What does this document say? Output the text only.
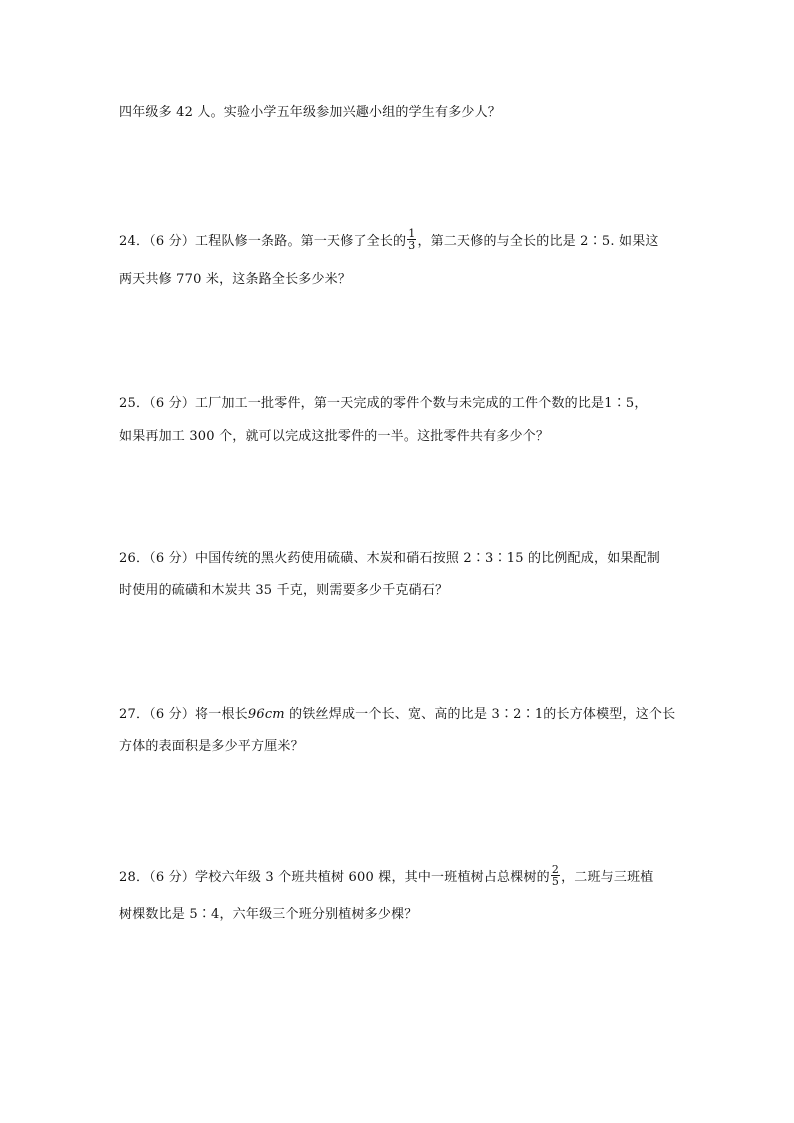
四年级多 42 人。实验小学五年级参加兴趣小组的学生有多少人？
24．（6 分）工程队修一条路。第一天修了全长的 $\frac{1}{3}$ ，第二天修的与全长的比是 2∶5. 如果这
两天共修 770 米，这条路全长多少米？
25．（6 分）工厂加工一批零件，第一天完成的零件个数与未完成的工件个数的比是1∶5，
如果再加工 300 个，就可以完成这批零件的一半。这批零件共有多少个？
26．（6 分）中国传统的黑火药使用硫磺、木炭和硝石按照 2∶3∶15 的比例配成，如果配制
时使用的硫磺和木炭共 35 千克，则需要多少千克硝石？
27．（6 分）将一根长96cm 的铁丝焊成一个长、宽、高的比是 3∶2∶1的长方体模型，这个长
方体的表面积是多少平方厘米？
28．（6 分）学校六年级 3 个班共植树 600 棵，其中一班植树占总棵树的 $\frac{2}{5}$ ，二班与三班植
树棵数比是 5∶4，六年级三个班分别植树多少棵？
